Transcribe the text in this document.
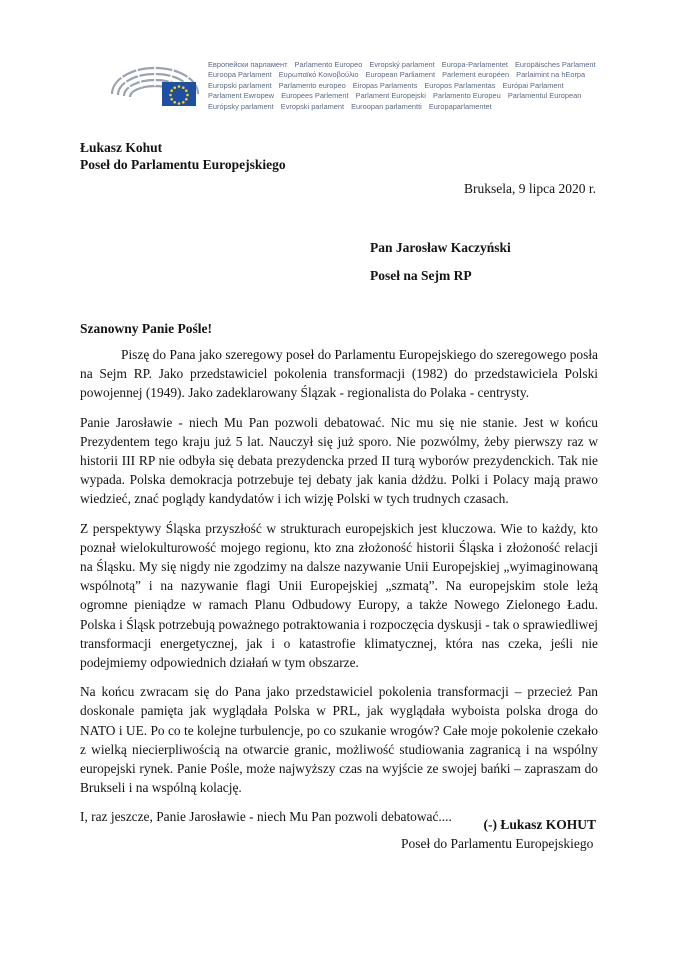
Европейски парламент Parlamento Europeo Evropský parlament Europa-Parlamentet Europäisches Parlament
Euroopa Parlament Ευρωπαϊκό Κοινοβούλιο European Parliament Parlement européen Parlaimint na hEorpa
Europski parlament Parlamento europeo Eiropas Parlaments Europos Parlamentas Európai Parlament
Parlament Ewropew Europees Parlement Parlament Europejski Parlamento Europeu Parlamentul European
Európsky parlament Evropski parlament Euroopan parlamentti Europaparlamentet
Łukasz Kohut
Poseł do Parlamentu Europejskiego
Bruksela, 9 lipca 2020 r.
Pan Jarosław Kaczyński
Poseł na Sejm RP
Szanowny Panie Pośle!

Piszę do Pana jako szeregowy poseł do Parlamentu Europejskiego do szeregowego posła na Sejm RP. Jako przedstawiciel pokolenia transformacji (1982) do przedstawiciela Polski powojennej (1949). Jako zadeklarowany Ślązak - regionalista do Polaka - centrysty.

Panie Jarosławie - niech Mu Pan pozwoli debatować. Nic mu się nie stanie. Jest w końcu Prezydentem tego kraju już 5 lat. Nauczył się już sporo. Nie pozwólmy, żeby pierwszy raz w historii III RP nie odbyła się debata prezydencka przed II turą wyborów prezydenckich. Tak nie wypada. Polska demokracja potrzebuje tej debaty jak kania dżdżu. Polki i Polacy mają prawo wiedzieć, znać poglądy kandydatów i ich wizję Polski w tych trudnych czasach.

Z perspektywy Śląska przyszłość w strukturach europejskich jest kluczowa. Wie to każdy, kto poznał wielokulturowość mojego regionu, kto zna złożoność historii Śląska i złożoność relacji na Śląsku. My się nigdy nie zgodzimy na dalsze nazywanie Unii Europejskiej „wyimaginowaną wspólnotą” i na nazywanie flagi Unii Europejskiej „szmatą”. Na europejskim stole leżą ogromne pieniądze w ramach Planu Odbudowy Europy, a także Nowego Zielonego Ładu. Polska i Śląsk potrzebują poważnego potraktowania i rozpoczęcia dyskusji - tak o sprawiedliwej transformacji energetycznej, jak i o katastrofie klimatycznej, która nas czeka, jeśli nie podejmiemy odpowiednich działań w tym obszarze.

Na końcu zwracam się do Pana jako przedstawiciel pokolenia transformacji – przecież Pan doskonale pamięta jak wyglądała Polska w PRL, jak wyglądała wyboista polska droga do NATO i UE. Po co te kolejne turbulencje, po co szukanie wrogów? Całe moje pokolenie czekało z wielką niecierpliwością na otwarcie granic, możliwość studiowania zagranicą i na wspólny europejski rynek. Panie Pośle, może najwyższy czas na wyjście ze swojej bańki – zapraszam do Brukseli i na wspólną kolację.

I, raz jeszcze, Panie Jarosławie - niech Mu Pan pozwoli debatować....

(-) Łukasz KOHUT
Poseł do Parlamentu Europejskiego
